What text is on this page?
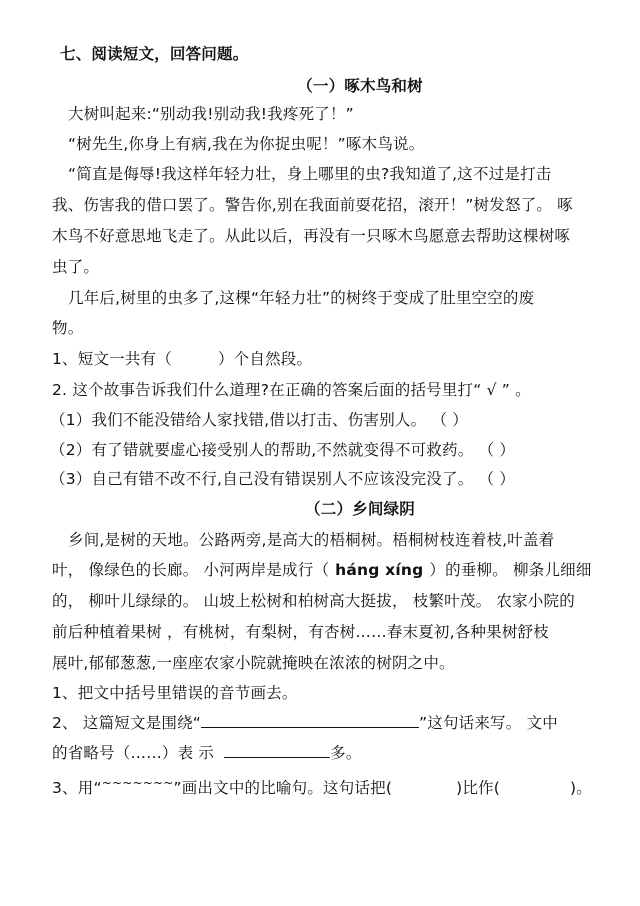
七、阅读短文，回答问题。
（一）啄木鸟和树
大树叫起来:“别动我!别动我!我疼死了！”
“树先生,你身上有病,我在为你捉虫呢！”啄木鸟说。
“简直是侮辱!我这样年轻力壮，身上哪里的虫?我知道了,这不过是打击
我、伤害我的借口罢了。警告你,别在我面前耍花招，滚开！”树发怒了。 啄
木鸟不好意思地飞走了。从此以后，再没有一只啄木鸟愿意去帮助这棵树啄
虫了。
几年后,树里的虫多了,这棵“年轻力壮”的树终于变成了肚里空空的废
物。
1、短文一共有（	）个自然段。
2. 这个故事告诉我们什么道理?在正确的答案后面的括号里打“ √ ” 。
（1）我们不能没错给人家找错,借以打击、伤害别人。 （ ）
（2）有了错就要虚心接受别人的帮助,不然就变得不可救药。 （ ）
（3）自己有错不改不行,自己没有错误别人不应该没完没了。 （ ）
（二）乡间绿阴
乡间,是树的天地。公路两旁,是高大的梧桐树。梧桐树枝连着枝,叶盖着
叶， 像绿色的长廊。 小河两岸是成行（ háng xíng ）的垂柳。 柳条儿细细
的， 柳叶儿绿绿的。 山坡上松树和柏树高大挺拔， 枝繁叶茂。 农家小院的
前后种植着果树 ，有桃树，有梨树，有杏树……春末夏初,各种果树舒枝
展叶,郁郁葱葱,一座座农家小院就掩映在浓浓的树阴之中。
1、把文中括号里错误的音节画去。
2、 这篇短文是围绕“	”这句话来写。 文中
的省略号（……）表 示	多。
3、用“~~~~~~~”画出文中的比喻句。这句话把(	)比作(	)。
